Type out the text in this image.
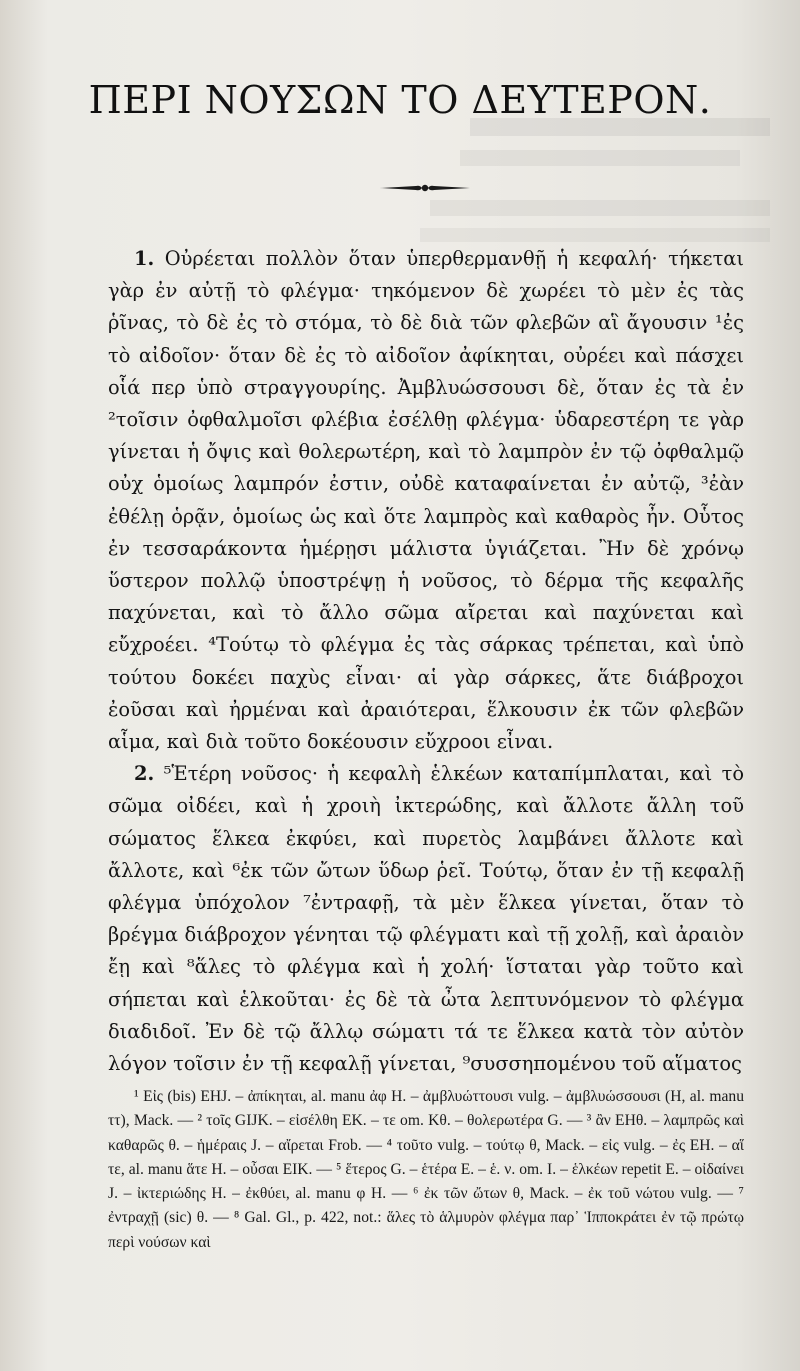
ΠΕΡΙ ΝΟΥΣΩΝ ΤΟ ΔΕΥΤΕΡΟΝ.

1. Οὐρέεται πολλὸν ὅταν ὑπερθερμανθῇ ἡ κεφαλή· τήκεται γὰρ ἐν αὐτῇ τὸ φλέγμα· τηκόμενον δὲ χωρέει τὸ μὲν ἐς τὰς ῥῖνας, τὸ δὲ ἐς τὸ στόμα, τὸ δὲ διὰ τῶν φλεβῶν αἳ ἄγουσιν ¹ἐς τὸ αἰδοῖον· ὅταν δὲ ἐς τὸ αἰδοῖον ἀφίκηται, οὐρέει καὶ πάσχει οἷά περ ὑπὸ στραγγουρίης. Ἀμβλυώσσουσι δὲ, ὅταν ἐς τὰ ἐν ²τοῖσιν ὀφθαλμοῖσι φλέβια ἐσέλθῃ φλέγμα· ὑδαρεστέρη τε γὰρ γίνεται ἡ ὄψις καὶ θολερωτέρη, καὶ τὸ λαμπρὸν ἐν τῷ ὀφθαλμῷ οὐχ ὁμοίως λαμπρόν ἐστιν, οὐδὲ καταφαίνεται ἐν αὐτῷ, ³ἐὰν ἐθέλῃ ὁρᾷν, ὁμοίως ὡς καὶ ὅτε λαμπρὸς καὶ καθαρὸς ἦν. Οὗτος ἐν τεσσαράκοντα ἡμέρῃσι μάλιστα ὑγιάζεται. Ἢν δὲ χρόνῳ ὕστερον πολλῷ ὑποστρέψῃ ἡ νοῦσος, τὸ δέρμα τῆς κεφαλῆς παχύνεται, καὶ τὸ ἄλλο σῶμα αἴρεται καὶ παχύνεται καὶ εὔχροέει. ⁴Τούτῳ τὸ φλέγμα ἐς τὰς σάρκας τρέπεται, καὶ ὑπὸ τούτου δοκέει παχὺς εἶναι· αἱ γὰρ σάρκες, ἅτε διάβροχοι ἐοῦσαι καὶ ἠρμέναι καὶ ἀραιότεραι, ἕλκουσιν ἐκ τῶν φλεβῶν αἷμα, καὶ διὰ τοῦτο δοκέουσιν εὔχροοι εἶναι.

2. ⁵Ἑτέρη νοῦσος· ἡ κεφαλὴ ἑλκέων καταπίμπλαται, καὶ τὸ σῶμα οἰδέει, καὶ ἡ χροιὴ ἰκτερώδης, καὶ ἄλλοτε ἄλλη τοῦ σώματος ἕλκεα ἐκφύει, καὶ πυρετὸς λαμβάνει ἄλλοτε καὶ ἄλλοτε, καὶ ⁶ἐκ τῶν ὤτων ὕδωρ ῥεῖ. Τούτῳ, ὅταν ἐν τῇ κεφαλῇ φλέγμα ὑπόχολον ⁷ἐντραφῇ, τὰ μὲν ἕλκεα γίνεται, ὅταν τὸ βρέγμα διάβροχον γένηται τῷ φλέγματι καὶ τῇ χολῇ, καὶ ἀραιὸν ἔῃ καὶ ⁸ἅλες τὸ φλέγμα καὶ ἡ χολή· ἵσταται γὰρ τοῦτο καὶ σήπεται καὶ ἑλκοῦται· ἐς δὲ τὰ ὦτα λεπτυνόμενον τὸ φλέγμα διαδιδοῖ. Ἐν δὲ τῷ ἄλλῳ σώματι τά τε ἕλκεα κατὰ τὸν αὐτὸν λόγον τοῖσιν ἐν τῇ κεφαλῇ γίνεται, ⁹συσσηπομένου τοῦ αἵματος

¹ Εἰς (bis) EHJ. – ἀπίκηται, al. manu ἀφ H. – ἀμβλυώττουσι vulg. – ἀμβλυώσσουσι (H, al. manu ττ), Mack. — ² τοῖς GIJK. – εἰσέλθη EK. – τε om. Kθ. – θολερωτέρα G. — ³ ἂν EHθ. – λαμπρῶς καὶ καθαρῶς θ. – ἡμέραις J. – αἴρεται Frob. — ⁴ τοῦτο vulg. – τούτῳ θ, Mack. – εἰς vulg. – ἐς EH. – αἵ τε, al. manu ἅτε H. – οὖσαι EIK. — ⁵ ἕτερος G. – ἑτέρα E. – ἑ. ν. om. I. – ἑλκέων repetit E. – οἰδαίνει J. – ἰκτεριώδης H. – ἐκθύει, al. manu φ H. — ⁶ ἐκ τῶν ὤτων θ, Mack. – ἐκ τοῦ νώτου vulg. — ⁷ ἐντραχῇ (sic) θ. — ⁸ Gal. Gl., p. 422, not.: ἅλες τὸ ἁλμυρὸν φλέγμα παρ᾽ Ἱπποκράτει ἐν τῷ πρώτῳ περὶ νούσων καὶ
